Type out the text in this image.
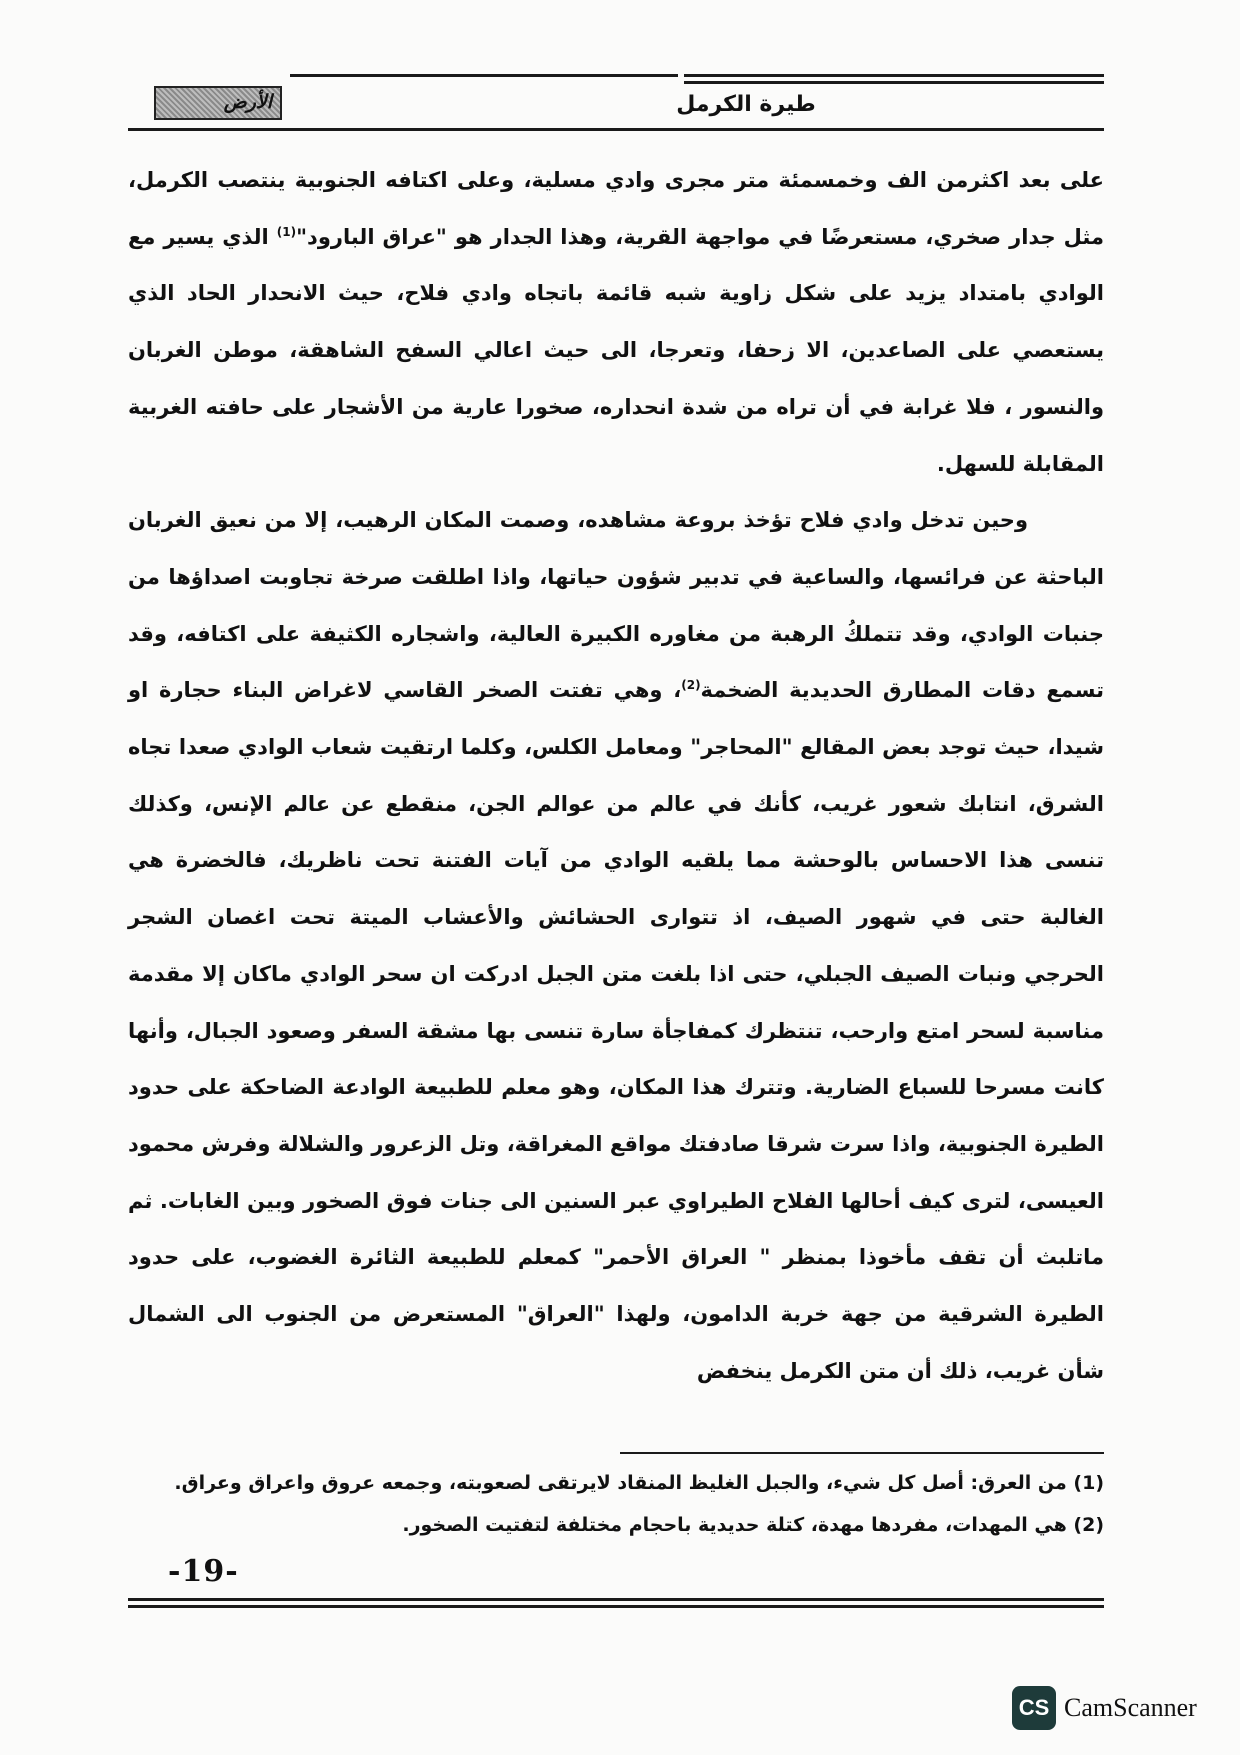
الأرض	طيرة الكرمل

على بعد اكثرمن الف وخمسمئة متر مجرى وادي مسلية، وعلى اكتافه الجنوبية ينتصب الكرمل، مثل جدار صخري، مستعرضًا في مواجهة القرية، وهذا الجدار هو "عراق البارود"$^{(1)}$ الذي يسير مع الوادي بامتداد يزيد على شكل زاوية شبه قائمة باتجاه وادي فلاح، حيث الانحدار الحاد الذي يستعصي على الصاعدين، الا زحفا، وتعرجا، الى حيث اعالي السفح الشاهقة، موطن الغربان والنسور ، فلا غرابة في أن تراه من شدة انحداره، صخورا عارية من الأشجار على حافته الغربية المقابلة للسهل.

وحين تدخل وادي فلاح تؤخذ بروعة مشاهده، وصمت المكان الرهيب، إلا من نعيق الغربان الباحثة عن فرائسها، والساعية في تدبير شؤون حياتها، واذا اطلقت صرخة تجاوبت اصداؤها من جنبات الوادي، وقد تتملكُ الرهبة من مغاوره الكبيرة العالية، واشجاره الكثيفة على اكتافه، وقد تسمع دقات المطارق الحديدية الضخمة$^{(2)}$، وهي تفتت الصخر القاسي لاغراض البناء حجارة او شيدا، حيث توجد بعض المقالع "المحاجر" ومعامل الكلس، وكلما ارتقيت شعاب الوادي صعدا تجاه الشرق، انتابك شعور غريب، كأنك في عالم من عوالم الجن، منقطع عن عالم الإنس، وكذلك تنسى هذا الاحساس بالوحشة مما يلقيه الوادي من آيات الفتنة تحت ناظريك، فالخضرة هي الغالبة حتى في شهور الصيف، اذ تتوارى الحشائش والأعشاب الميتة تحت اغصان الشجر الحرجي ونبات الصيف الجبلي، حتى اذا بلغت متن الجبل ادركت ان سحر الوادي ماكان إلا مقدمة مناسبة لسحر امتع وارحب، تنتظرك كمفاجأة سارة تنسى بها مشقة السفر وصعود الجبال، وأنها كانت مسرحا للسباع الضارية. وتترك هذا المكان، وهو معلم للطبيعة الوادعة الضاحكة على حدود الطيرة الجنوبية، واذا سرت شرقا صادفتك مواقع المغراقة، وتل الزعرور والشلالة وفرش محمود العيسى، لترى كيف أحالها الفلاح الطيراوي عبر السنين الى جنات فوق الصخور وبين الغابات. ثم ماتلبث أن تقف مأخوذا بمنظر " العراق الأحمر" كمعلم للطبيعة الثائرة الغضوب، على حدود الطيرة الشرقية من جهة خربة الدامون، ولهذا "العراق" المستعرض من الجنوب الى الشمال شأن غريب، ذلك أن متن الكرمل ينخفض

(1) من العرق: أصل كل شيء، والجبل الغليظ المنقاد لايرتقى لصعوبته، وجمعه عروق واعراق وعراق.

(2) هي المهدات، مفردها مهدة، كتلة حديدية باحجام مختلفة لتفتيت الصخور.

-19-
CS CamScanner
